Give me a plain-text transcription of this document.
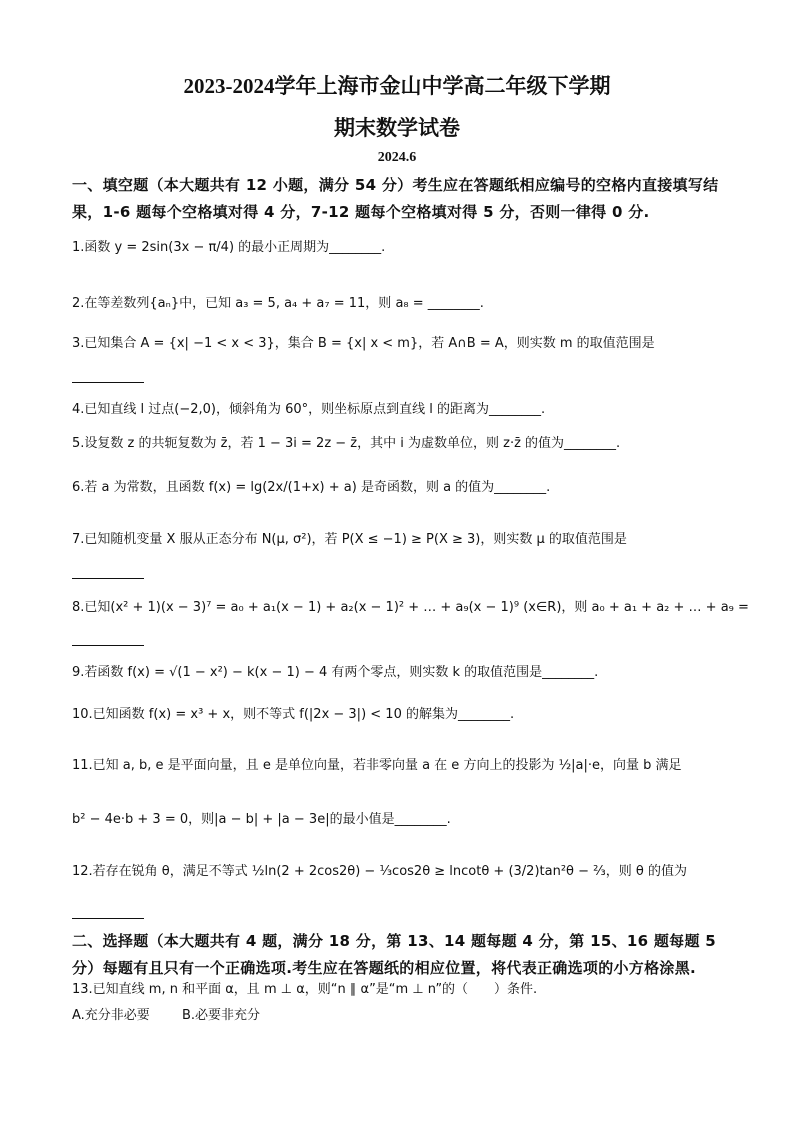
2023-2024学年上海市金山中学高二年级下学期
期末数学试卷
2024.6
一、填空题（本大题共有 12 小题，满分 54 分）考生应在答题纸相应编号的空格内直接填写结果，1-6 题每个空格填对得 4 分，7-12 题每个空格填对得 5 分，否则一律得 0 分.
1.函数 y = 2sin(3x − π/4) 的最小正周期为________.
2.在等差数列{aₙ}中，已知 a₃ = 5, a₄ + a₇ = 11，则 a₈ = ________.
3.已知集合 A = {x| −1 < x < 3}，集合 B = {x| x < m}，若 A∩B = A，则实数 m 的取值范围是
4.已知直线 l 过点(−2,0)，倾斜角为 60°，则坐标原点到直线 l 的距离为________.
5.设复数 z 的共轭复数为 z̄，若 1 − 3i = 2z − z̄，其中 i 为虚数单位，则 z·z̄ 的值为________.
6.若 a 为常数，且函数 f(x) = lg(2x/(1+x) + a) 是奇函数，则 a 的值为________.
7.已知随机变量 X 服从正态分布 N(μ, σ²)，若 P(X ≤ −1) ≥ P(X ≥ 3)，则实数 μ 的取值范围是
8.已知(x² + 1)(x − 3)⁷ = a₀ + a₁(x − 1) + a₂(x − 1)² + … + a₉(x − 1)⁹ (x∈R)，则 a₀ + a₁ + a₂ + … + a₉ =
9.若函数 f(x) = √(1 − x²) − k(x − 1) − 4 有两个零点，则实数 k 的取值范围是________.
10.已知函数 f(x) = x³ + x，则不等式 f(|2x − 3|) < 10 的解集为________.
11.已知 a, b, e 是平面向量，且 e 是单位向量，若非零向量 a 在 e 方向上的投影为 ½|a|·e，向量 b 满足
b² − 4e·b + 3 = 0，则|a − b| + |a − 3e|的最小值是________.
12.若存在锐角 θ，满足不等式 ½ln(2 + 2cos2θ) − ⅓cos2θ ≥ lncotθ + (3/2)tan²θ − ⅔，则 θ 的值为
二、选择题（本大题共有 4 题，满分 18 分，第 13、14 题每题 4 分，第 15、16 题每题 5 分）每题有且只有一个正确选项.考生应在答题纸的相应位置，将代表正确选项的小方格涂黑.
13.已知直线 m, n 和平面 α，且 m ⊥ α，则“n ∥ α”是“m ⊥ n”的（　　）条件.
A.充分非必要 B.必要非充分
